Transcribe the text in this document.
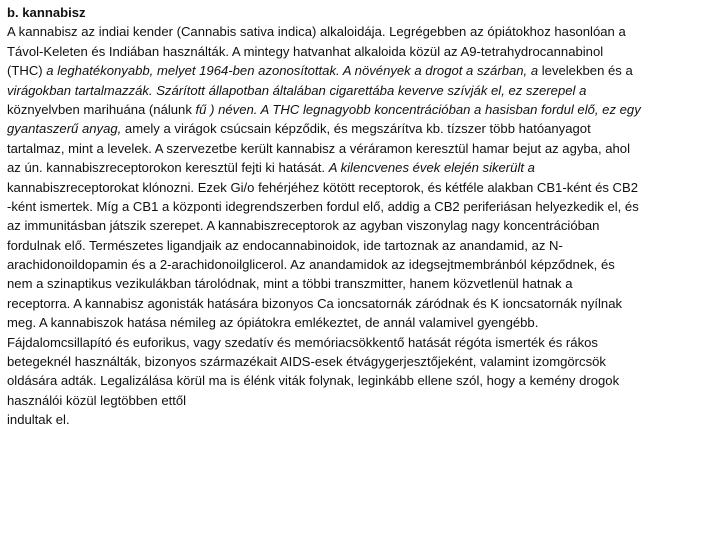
b. kannabisz
A kannabisz az indiai kender (Cannabis sativa indica) alkaloidája. Legrégebben az ópiátokhoz hasonlóan a
Távol-Keleten és Indiában használták. A mintegy hatvanhat alkaloida közül az A9-tetrahydrocannabinol
(THC) a leghatékonyabb, melyet 1964-ben azonosítottak. A növények a drogot a szárban, a levelekben és a
virágokban tartalmazzák. Szárított állapotban általában cigarettába keverve szívják el, ez szerepel a
köznyelvben marihuána (nálunk fű ) néven. A THC legnagyobb koncentrációban a hasisban fordul elő, ez egy
gyantaszerű anyag, amely a virágok csúcsain képződik, és megszárítva kb. tízszer több hatóanyagot
tartalmaz, mint a levelek. A szervezetbe került kannabisz a véráramon keresztül hamar bejut az agyba, ahol
az ún. kannabiszreceptorokon keresztül fejti ki hatását. A kilencvenes évek elején sikerült a
kannabiszreceptorokat klónozni. Ezek Gi/o fehérjéhez kötött receptorok, és kétféle alakban CB1-ként és CB2
-ként ismertek. Míg a CB1 a központi idegrendszerben fordul elő, addig a CB2 periferiásan helyezkedik el, és
az immunitásban játszik szerepet. A kannabiszreceptorok az agyban viszonylag nagy koncentrációban
fordulnak elő. Természetes ligandjaik az endocannabinoidok, ide tartoznak az anandamid, az N-
arachidonoildopamin és a 2-arachidonoilglicerol. Az anandamidok az idegsejtmembránból képződnek, és
nem a szinaptikus vezikulákban tárolódnak, mint a többi transzmitter, hanem közvetlenül hatnak a
receptorra. A kannabisz agonisták hatására bizonyos Ca ioncsatornák záródnak és K ioncsatornák nyílnak
meg. A kannabiszok hatása némileg az ópiátokra emlékeztet, de annál valamivel gyengébb.
Fájdalomcsillapító és euforikus, vagy szedatív és memóriacsökkentő hatását régóta ismerték és rákos
betegeknél használták, bizonyos származékait AIDS-esek étvágygerjesztőjeként, valamint izomgörcsök
oldására adták. Legalizálása körül ma is élénk viták folynak, leginkább ellene szól, hogy a kemény drogok
használói közül legtöbben ettől
indultak el.
